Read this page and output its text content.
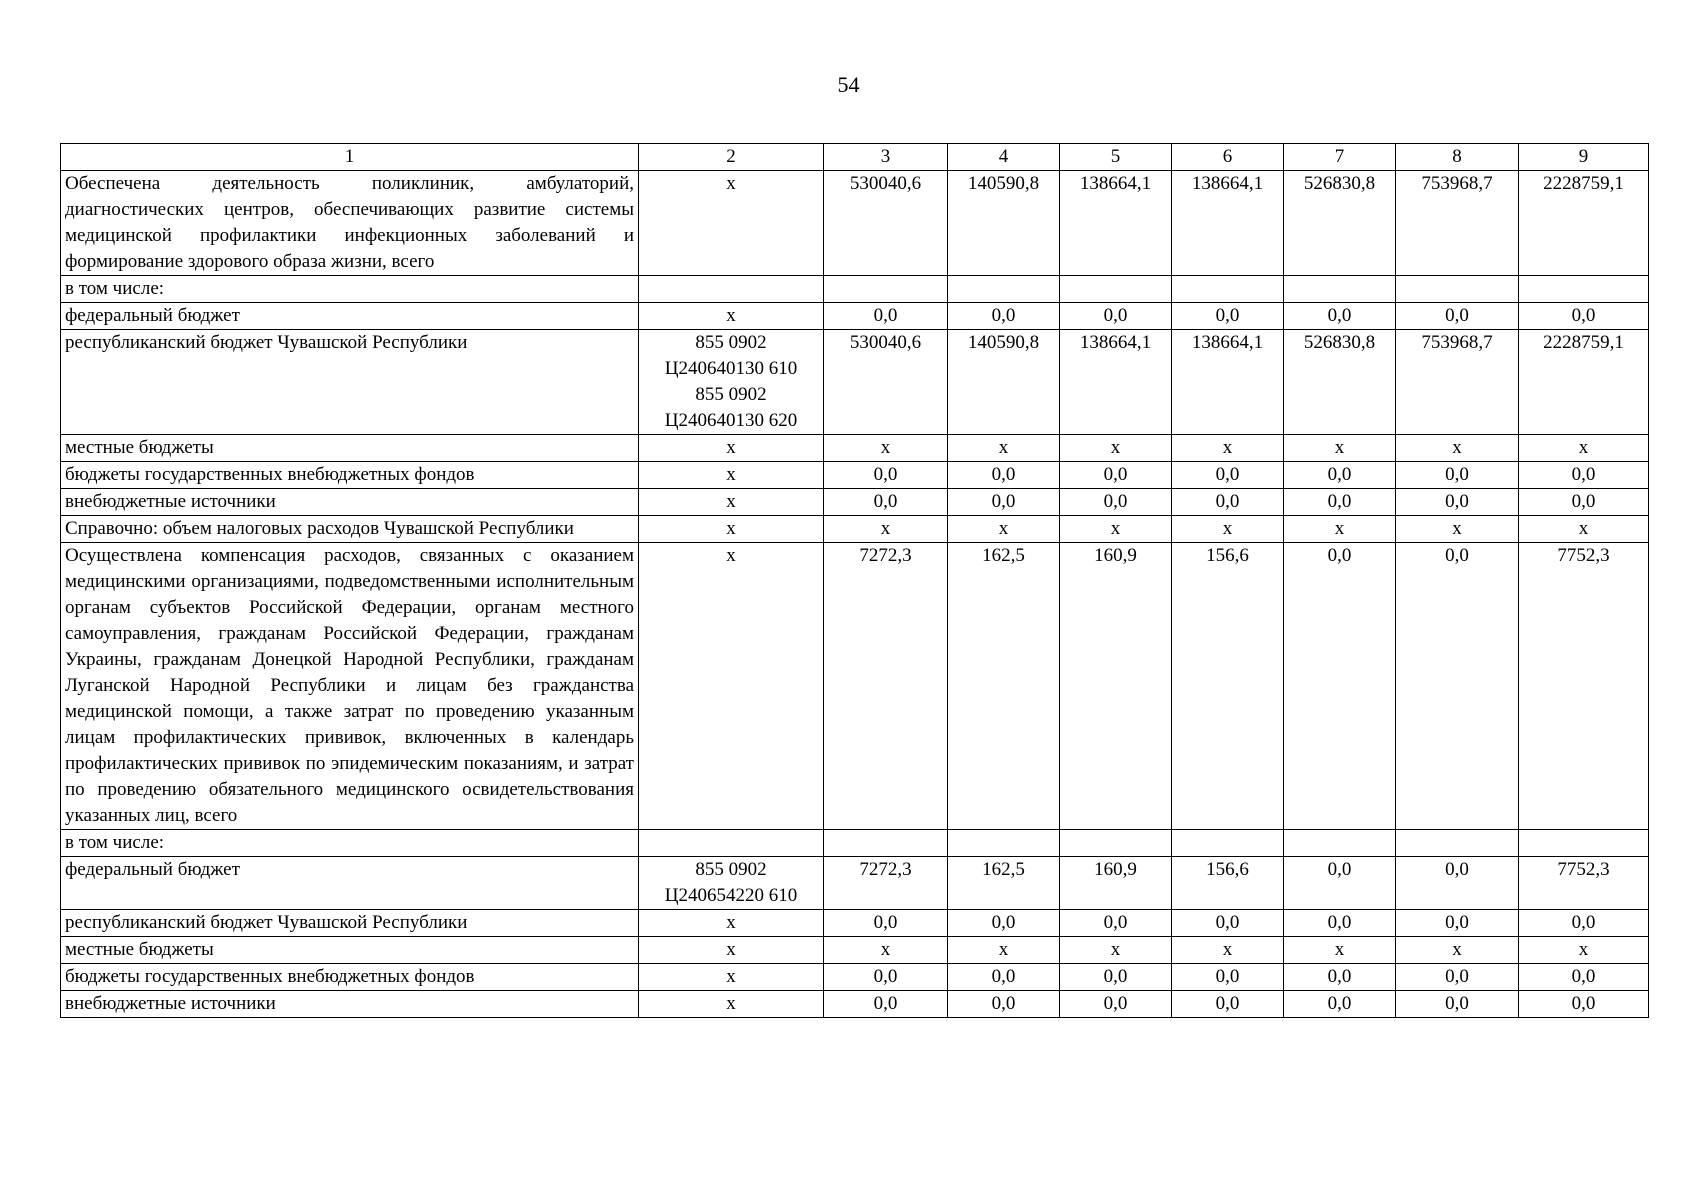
54
1	2	3	4	5	6	7	8	9
Обеспечена деятельность поликлиник, амбулаторий, диагностических центров, обеспечивающих развитие системы медицинской профилактики инфекционных заболеваний и формирование здорового образа жизни, всего	x	530040,6	140590,8	138664,1	138664,1	526830,8	753968,7	2228759,1
в том числе:	

федеральный бюджет	x	0,0	0,0	0,0	0,0	0,0	0,0	0,0
республиканский бюджет Чувашской Республики	855 0902
Ц240640130 610
855 0902
Ц240640130 620	530040,6	140590,8	138664,1	138664,1	526830,8	753968,7	2228759,1
местные бюджеты	x	x	x	x	x	x	x	x
бюджеты государственных внебюджетных фондов	x	0,0	0,0	0,0	0,0	0,0	0,0	0,0
внебюджетные источники	x	0,0	0,0	0,0	0,0	0,0	0,0	0,0
Справочно: объем налоговых расходов Чувашской Республики	x	x	x	x	x	x	x	x
Осуществлена компенсация расходов, связанных с оказанием медицинскими организациями, подведомственными исполнительным органам субъектов Российской Федерации, органам местного самоуправления, гражданам Российской Федерации, гражданам Украины, гражданам Донецкой Народной Республики, гражданам Луганской Народной Республики и лицам без гражданства медицинской помощи, а также затрат по проведению указанным лицам профилактических прививок, включенных в календарь профилактических прививок по эпидемическим показаниям, и затрат по проведению обязательного медицинского освидетельствования указанных лиц, всего	x	7272,3	162,5	160,9	156,6	0,0	0,0	7752,3
в том числе:	

федеральный бюджет	855 0902
Ц240654220 610	7272,3	162,5	160,9	156,6	0,0	0,0	7752,3
республиканский бюджет Чувашской Республики	x	0,0	0,0	0,0	0,0	0,0	0,0	0,0
местные бюджеты	x	x	x	x	x	x	x	x
бюджеты государственных внебюджетных фондов	x	0,0	0,0	0,0	0,0	0,0	0,0	0,0
внебюджетные источники	x	0,0	0,0	0,0	0,0	0,0	0,0	0,0
